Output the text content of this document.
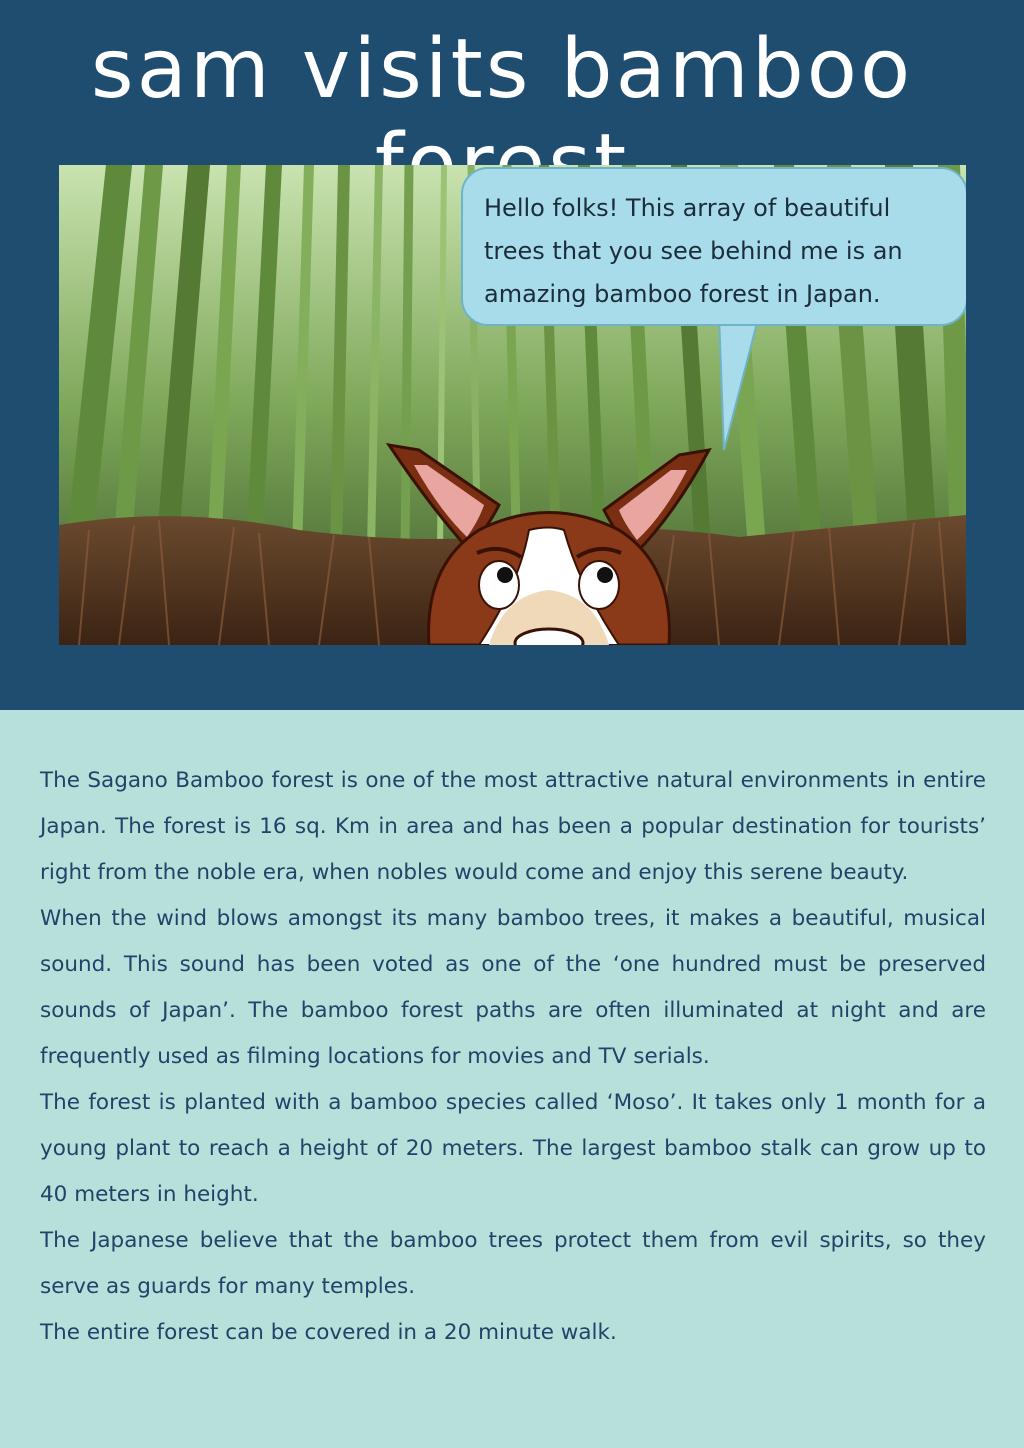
sam visits bamboo

Hello folks! This array of beautiful trees that you see behind me is an amazing bamboo forest in Japan.

The Sagano Bamboo forest is one of the most attractive natural environments in entire Japan. The forest is 16 sq. Km in area and has been a popular destination for tourists’ right from the noble era, when nobles would come and enjoy this serene beauty.

When the wind blows amongst its many bamboo trees, it makes a beautiful, musical sound. This sound has been voted as one of the ‘one hundred must be preserved sounds of Japan’. The bamboo forest paths are often illuminated at night and are frequently used as filming locations for movies and TV serials.

The forest is planted with a bamboo species called ‘Moso’. It takes only 1 month for a young plant to reach a height of 20 meters. The largest bamboo stalk can grow up to 40 meters in height.

The Japanese believe that the bamboo trees protect them from evil spirits, so they serve as guards for many temples.

The entire forest can be covered in a 20 minute walk.
